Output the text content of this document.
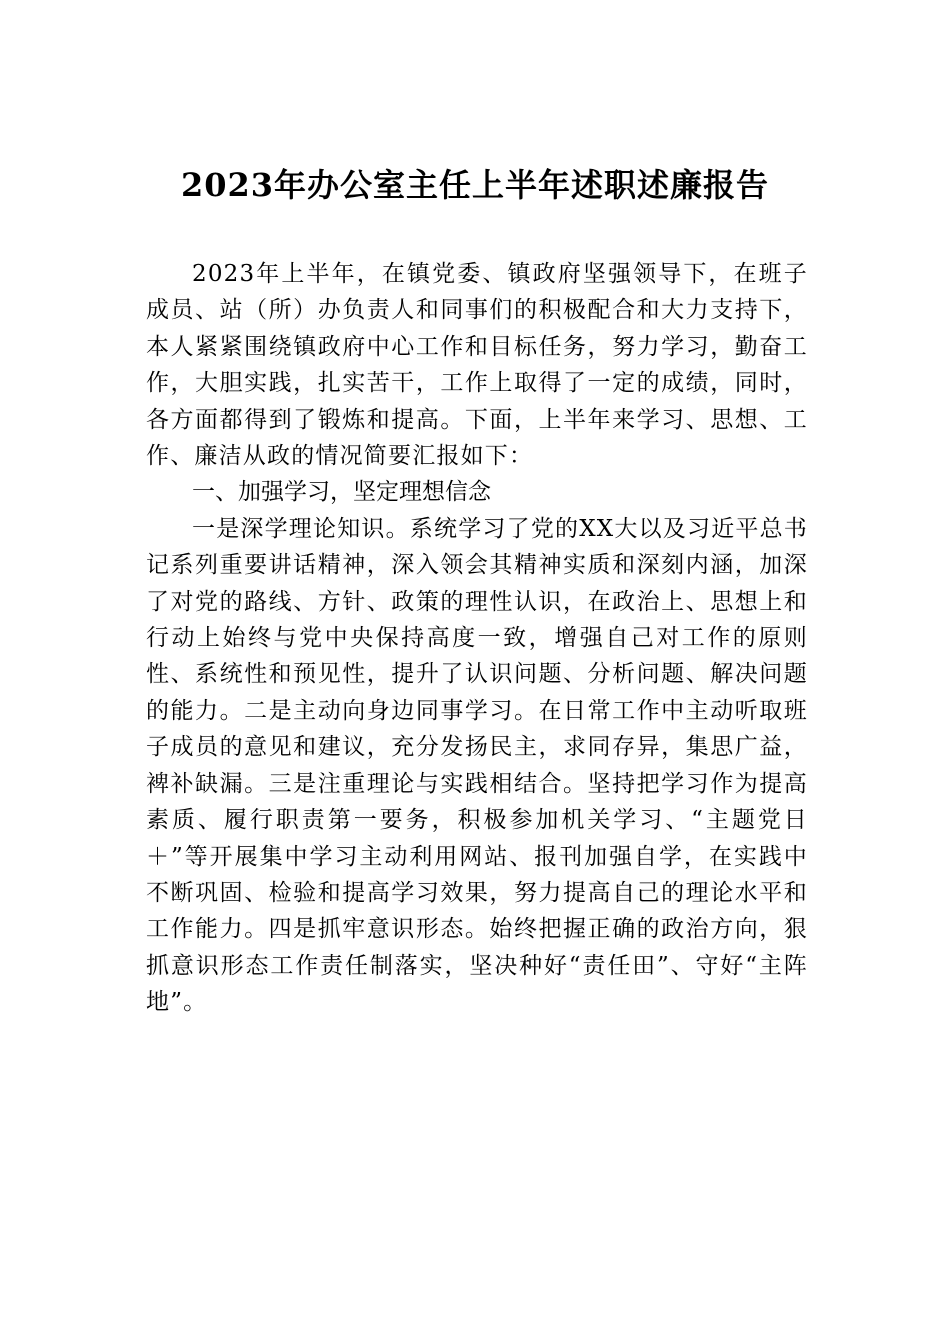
2023年办公室主任上半年述职述廉报告

2023年上半年，在镇党委、镇政府坚强领导下，在班子成员、站（所）办负责人和同事们的积极配合和大力支持下，本人紧紧围绕镇政府中心工作和目标任务，努力学习，勤奋工作，大胆实践，扎实苦干，工作上取得了一定的成绩，同时，各方面都得到了锻炼和提高。下面，上半年来学习、思想、工作、廉洁从政的情况简要汇报如下：

一、加强学习，坚定理想信念

一是深学理论知识。系统学习了党的XX大以及习近平总书记系列重要讲话精神，深入领会其精神实质和深刻内涵，加深了对党的路线、方针、政策的理性认识，在政治上、思想上和行动上始终与党中央保持高度一致，增强自己对工作的原则性、系统性和预见性，提升了认识问题、分析问题、解决问题的能力。二是主动向身边同事学习。在日常工作中主动听取班子成员的意见和建议，充分发扬民主，求同存异，集思广益，裨补缺漏。三是注重理论与实践相结合。坚持把学习作为提高素质、履行职责第一要务，积极参加机关学习、“主题党日＋”等开展集中学习主动利用网站、报刊加强自学，在实践中不断巩固、检验和提高学习效果，努力提高自己的理论水平和工作能力。四是抓牢意识形态。始终把握正确的政治方向，狠抓意识形态工作责任制落实，坚决种好“责任田”、守好“主阵地”。
